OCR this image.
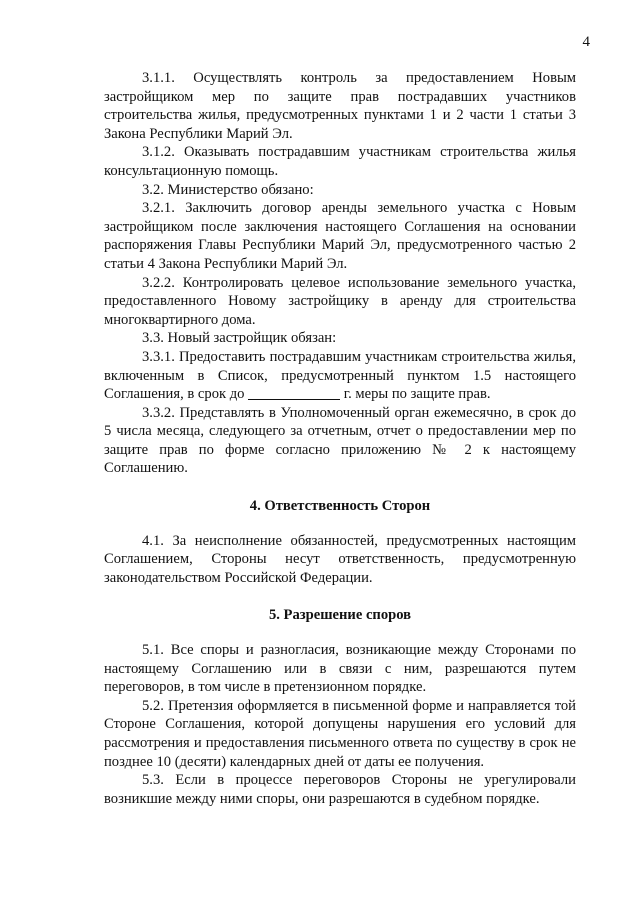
4

3.1.1. Осуществлять контроль за предоставлением Новым застройщиком мер по защите прав пострадавших участников строительства жилья, предусмотренных пунктами 1 и 2 части 1 статьи 3 Закона Республики Марий Эл.

3.1.2. Оказывать пострадавшим участникам строительства жилья консультационную помощь.

3.2. Министерство обязано:

3.2.1. Заключить договор аренды земельного участка с Новым застройщиком после заключения настоящего Соглашения на основании распоряжения Главы Республики Марий Эл, предусмотренного частью 2 статьи 4 Закона Республики Марий Эл.

3.2.2. Контролировать целевое использование земельного участка, предоставленного Новому застройщику в аренду для строительства многоквартирного дома.

3.3. Новый застройщик обязан:

3.3.1. Предоставить пострадавшим участникам строительства жилья, включенным в Список, предусмотренный пунктом 1.5 настоящего Соглашения, в срок до	г. меры по защите прав.

3.3.2. Представлять в Уполномоченный орган ежемесячно, в срок до 5 числа месяца, следующего за отчетным, отчет о предоставлении мер по защите прав по форме согласно приложению № 2 к настоящему Соглашению.

4. Ответственность Сторон

4.1. За неисполнение обязанностей, предусмотренных настоящим Соглашением, Стороны несут ответственность, предусмотренную законодательством Российской Федерации.

5. Разрешение споров

5.1. Все споры и разногласия, возникающие между Сторонами по настоящему Соглашению или в связи с ним, разрешаются путем переговоров, в том числе в претензионном порядке.

5.2. Претензия оформляется в письменной форме и направляется той Стороне Соглашения, которой допущены нарушения его условий для рассмотрения и предоставления письменного ответа по существу в срок не позднее 10 (десяти) календарных дней от даты ее получения.

5.3. Если в процессе переговоров Стороны не урегулировали возникшие между ними споры, они разрешаются в судебном порядке.
